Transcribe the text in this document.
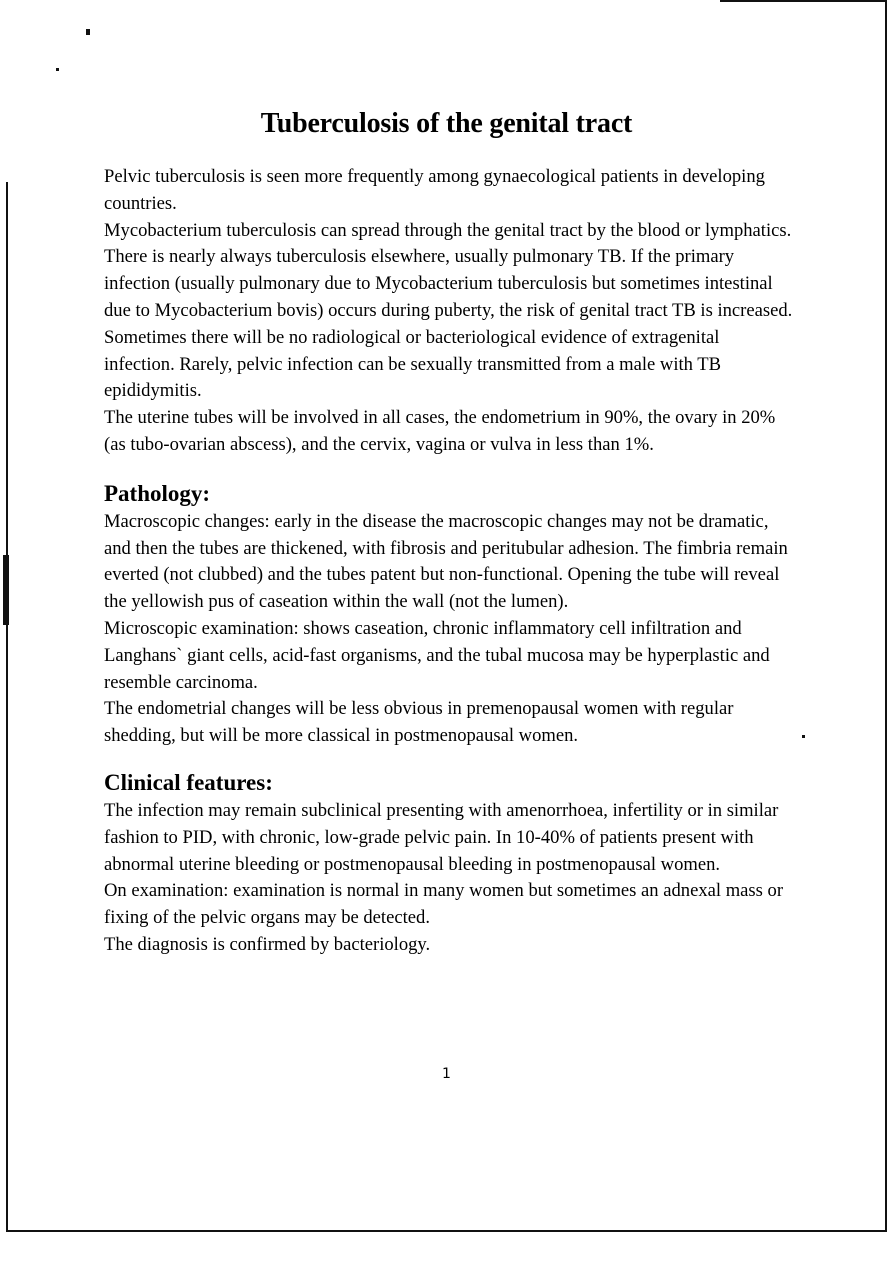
Tuberculosis of the genital tract

Pelvic tuberculosis is seen more frequently among gynaecological patients in developing countries.

Mycobacterium tuberculosis can spread through the genital tract by the blood or lymphatics. There is nearly always tuberculosis elsewhere, usually pulmonary TB. If the primary infection (usually pulmonary due to Mycobacterium tuberculosis but sometimes intestinal due to Mycobacterium bovis) occurs during puberty, the risk of genital tract TB is increased. Sometimes there will be no radiological or bacteriological evidence of extragenital infection. Rarely, pelvic infection can be sexually transmitted from a male with TB epididymitis.

The uterine tubes will be involved in all cases, the endometrium in 90%, the ovary in 20% (as tubo-ovarian abscess), and the cervix, vagina or vulva in less than 1%.

Pathology:

Macroscopic changes: early in the disease the macroscopic changes may not be dramatic, and then the tubes are thickened, with fibrosis and peritubular adhesion. The fimbria remain everted (not clubbed) and the tubes patent but non-functional. Opening the tube will reveal the yellowish pus of caseation within the wall (not the lumen).

Microscopic examination: shows caseation, chronic inflammatory cell infiltration and Langhans` giant cells, acid-fast organisms, and the tubal mucosa may be hyperplastic and resemble carcinoma.

The endometrial changes will be less obvious in premenopausal women with regular shedding, but will be more classical in postmenopausal women.

Clinical features:

The infection may remain subclinical presenting with amenorrhoea, infertility or in similar fashion to PID, with chronic, low-grade pelvic pain. In 10-40% of patients present with abnormal uterine bleeding or postmenopausal bleeding in postmenopausal women.

On examination: examination is normal in many women but sometimes an adnexal mass or fixing of the pelvic organs may be detected.

The diagnosis is confirmed by bacteriology.

1
